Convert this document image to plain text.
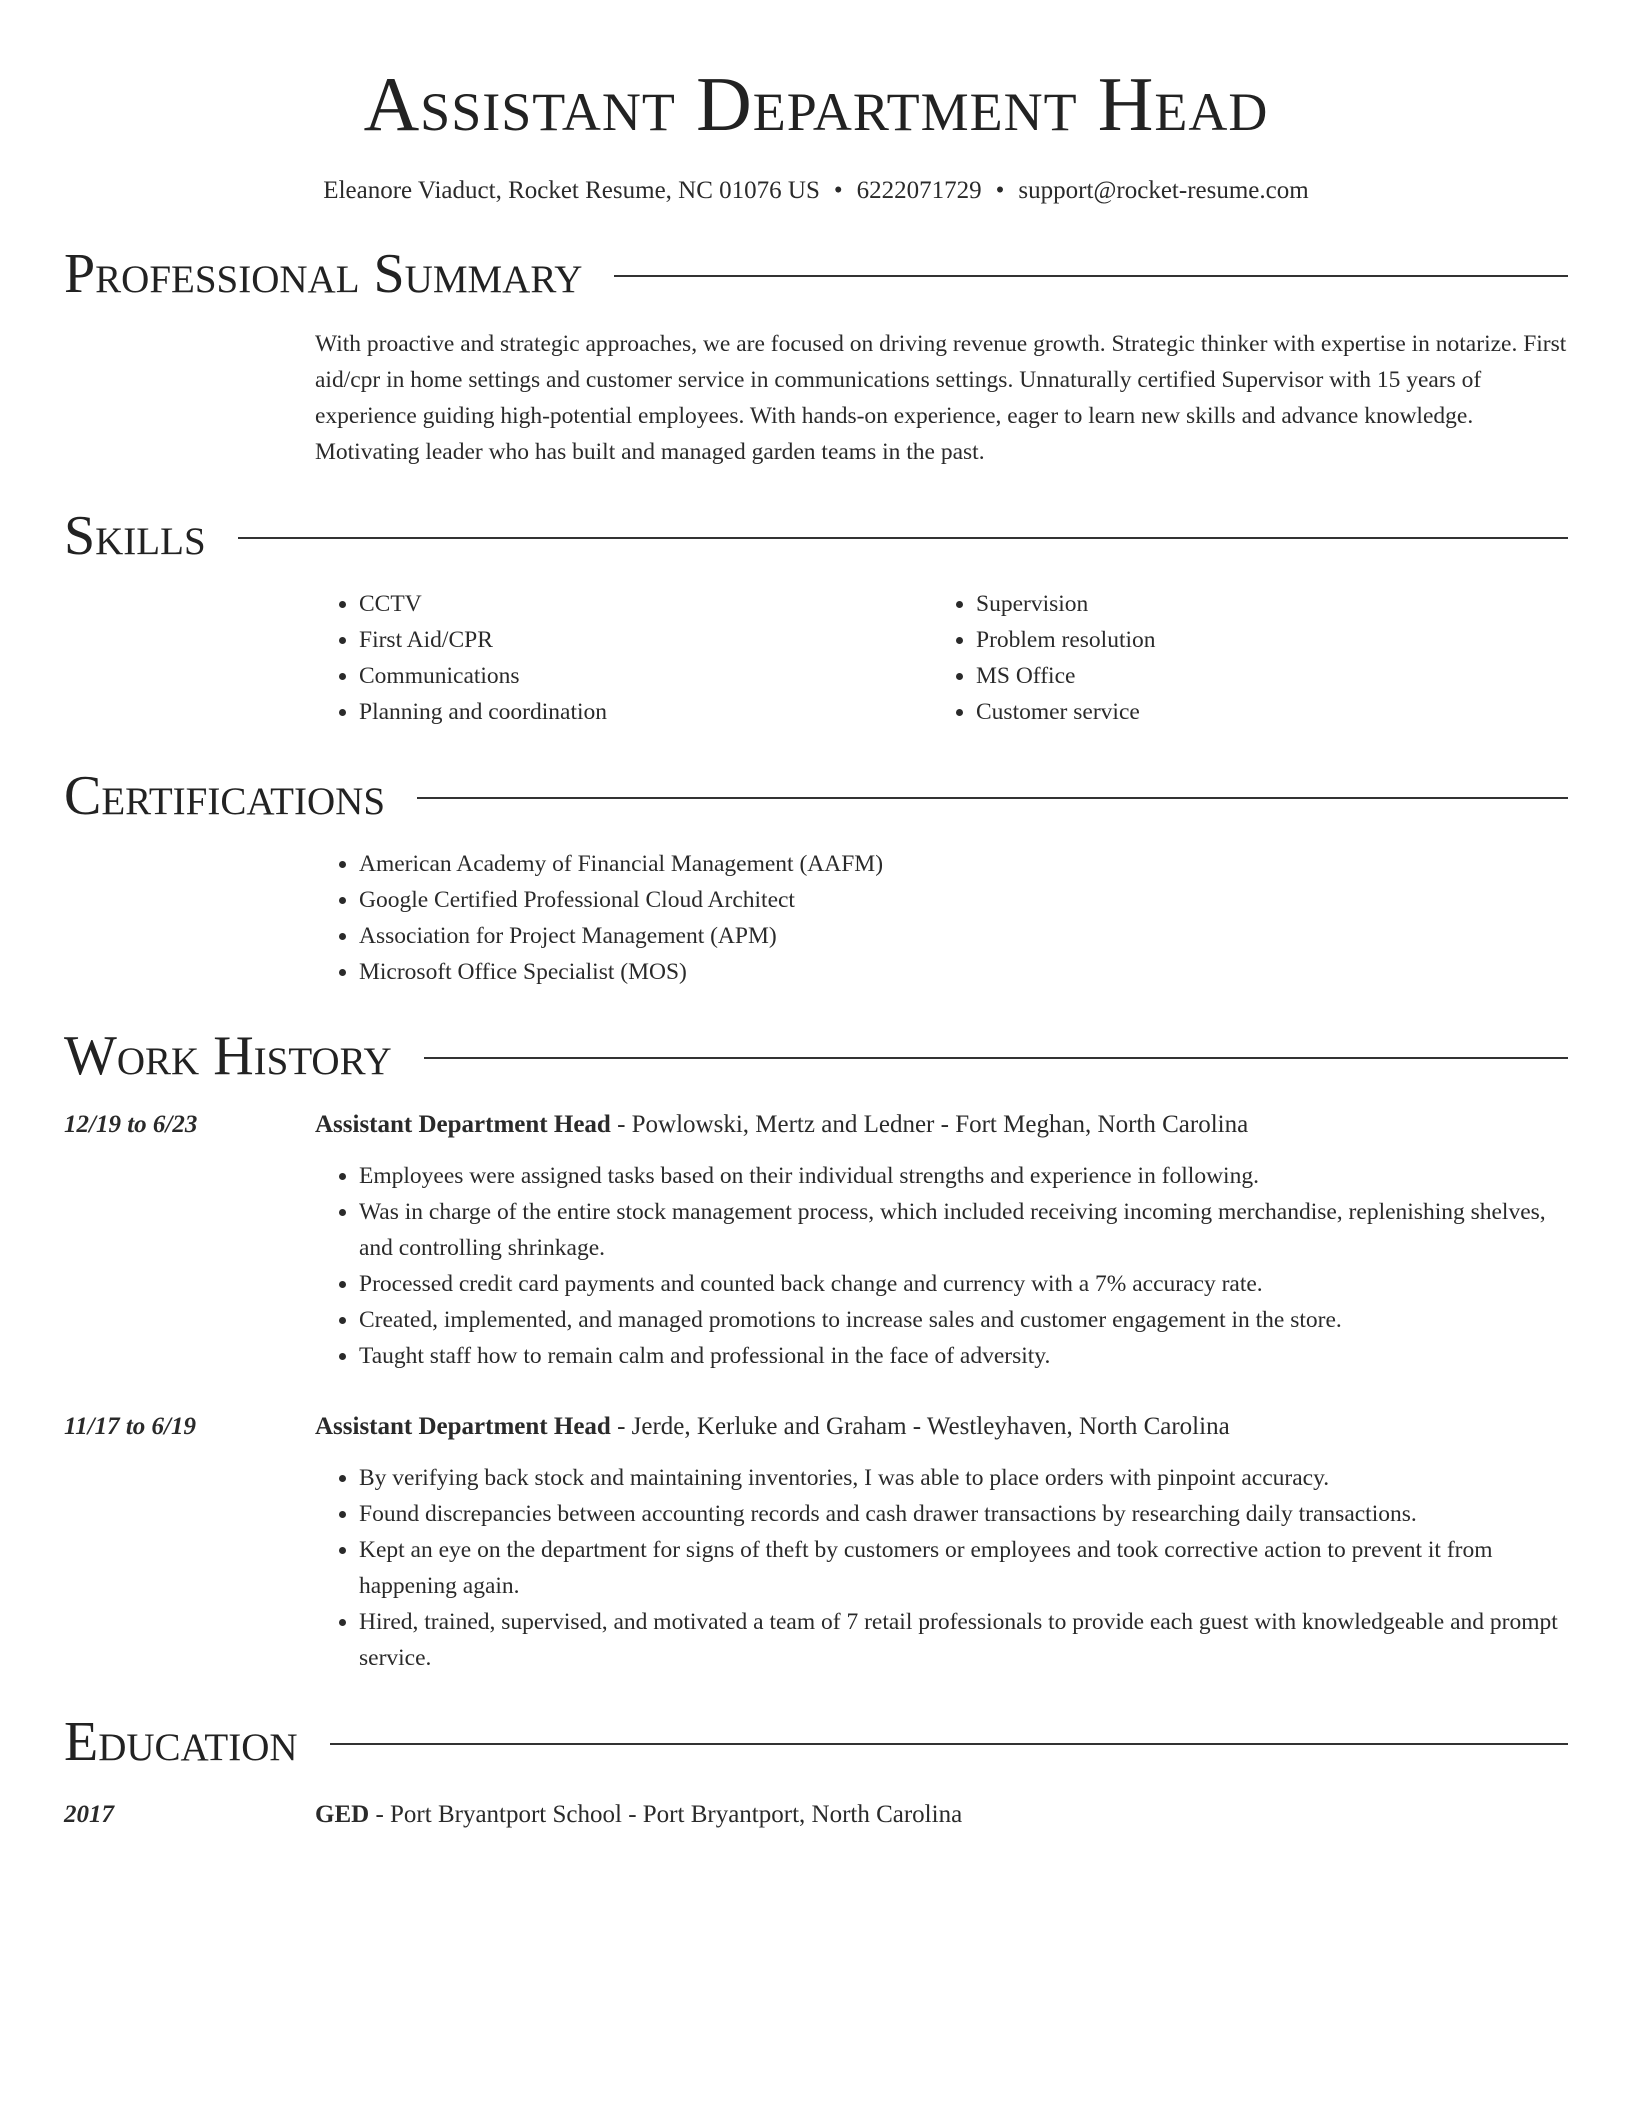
Assistant Department Head
Eleanore Viaduct, Rocket Resume, NC 01076 US • 6222071729 • support@rocket-resume.com
Professional Summary
With proactive and strategic approaches, we are focused on driving revenue growth. Strategic thinker with expertise in notarize. First aid/cpr in home settings and customer service in communications settings. Unnaturally certified Supervisor with 15 years of experience guiding high-potential employees. With hands-on experience, eager to learn new skills and advance knowledge. Motivating leader who has built and managed garden teams in the past.
Skills
• CCTV
• First Aid/CPR
• Communications
• Planning and coordination
• Supervision
• Problem resolution
• MS Office
• Customer service
Certifications
• American Academy of Financial Management (AAFM)
• Google Certified Professional Cloud Architect
• Association for Project Management (APM)
• Microsoft Office Specialist (MOS)
Work History
12/19 to 6/23	Assistant Department Head - Powlowski, Mertz and Ledner - Fort Meghan, North Carolina
• Employees were assigned tasks based on their individual strengths and experience in following.
• Was in charge of the entire stock management process, which included receiving incoming merchandise, replenishing shelves, and controlling shrinkage.
• Processed credit card payments and counted back change and currency with a 7% accuracy rate.
• Created, implemented, and managed promotions to increase sales and customer engagement in the store.
• Taught staff how to remain calm and professional in the face of adversity.
11/17 to 6/19	Assistant Department Head - Jerde, Kerluke and Graham - Westleyhaven, North Carolina
• By verifying back stock and maintaining inventories, I was able to place orders with pinpoint accuracy.
• Found discrepancies between accounting records and cash drawer transactions by researching daily transactions.
• Kept an eye on the department for signs of theft by customers or employees and took corrective action to prevent it from happening again.
• Hired, trained, supervised, and motivated a team of 7 retail professionals to provide each guest with knowledgeable and prompt service.
Education
2017	GED - Port Bryantport School - Port Bryantport, North Carolina
